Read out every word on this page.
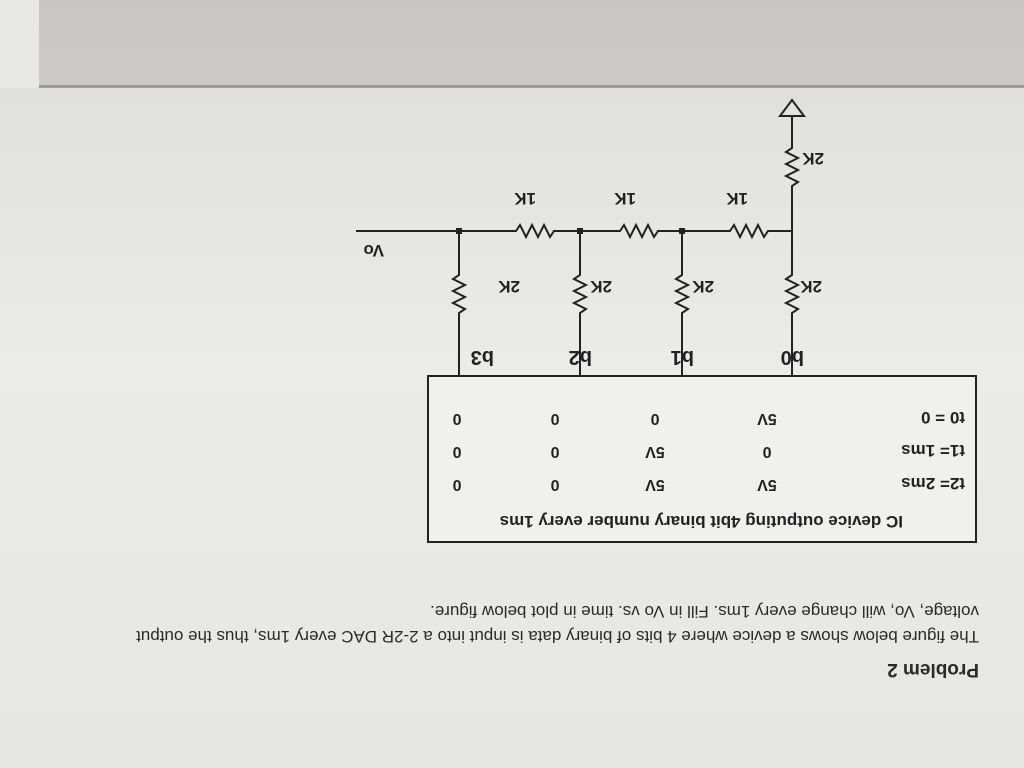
Problem 2
The figure below shows a device where 4 bits of binary data is input into a 2-2R DAC every 1ms, thus the output
voltage, Vo, will change every 1ms. Fill in Vo vs. time in plot below figure.
IC device outputing 4bit binary number every 1ms
t2= 2ms
t1= 1ms
t0 = 0
5V
5V
0
0
0
5V
0
0
5V
0
0
0
b0
b1
b2
b3
2K
2K
2K
2K
1K
1K
1K
2K
Vo
